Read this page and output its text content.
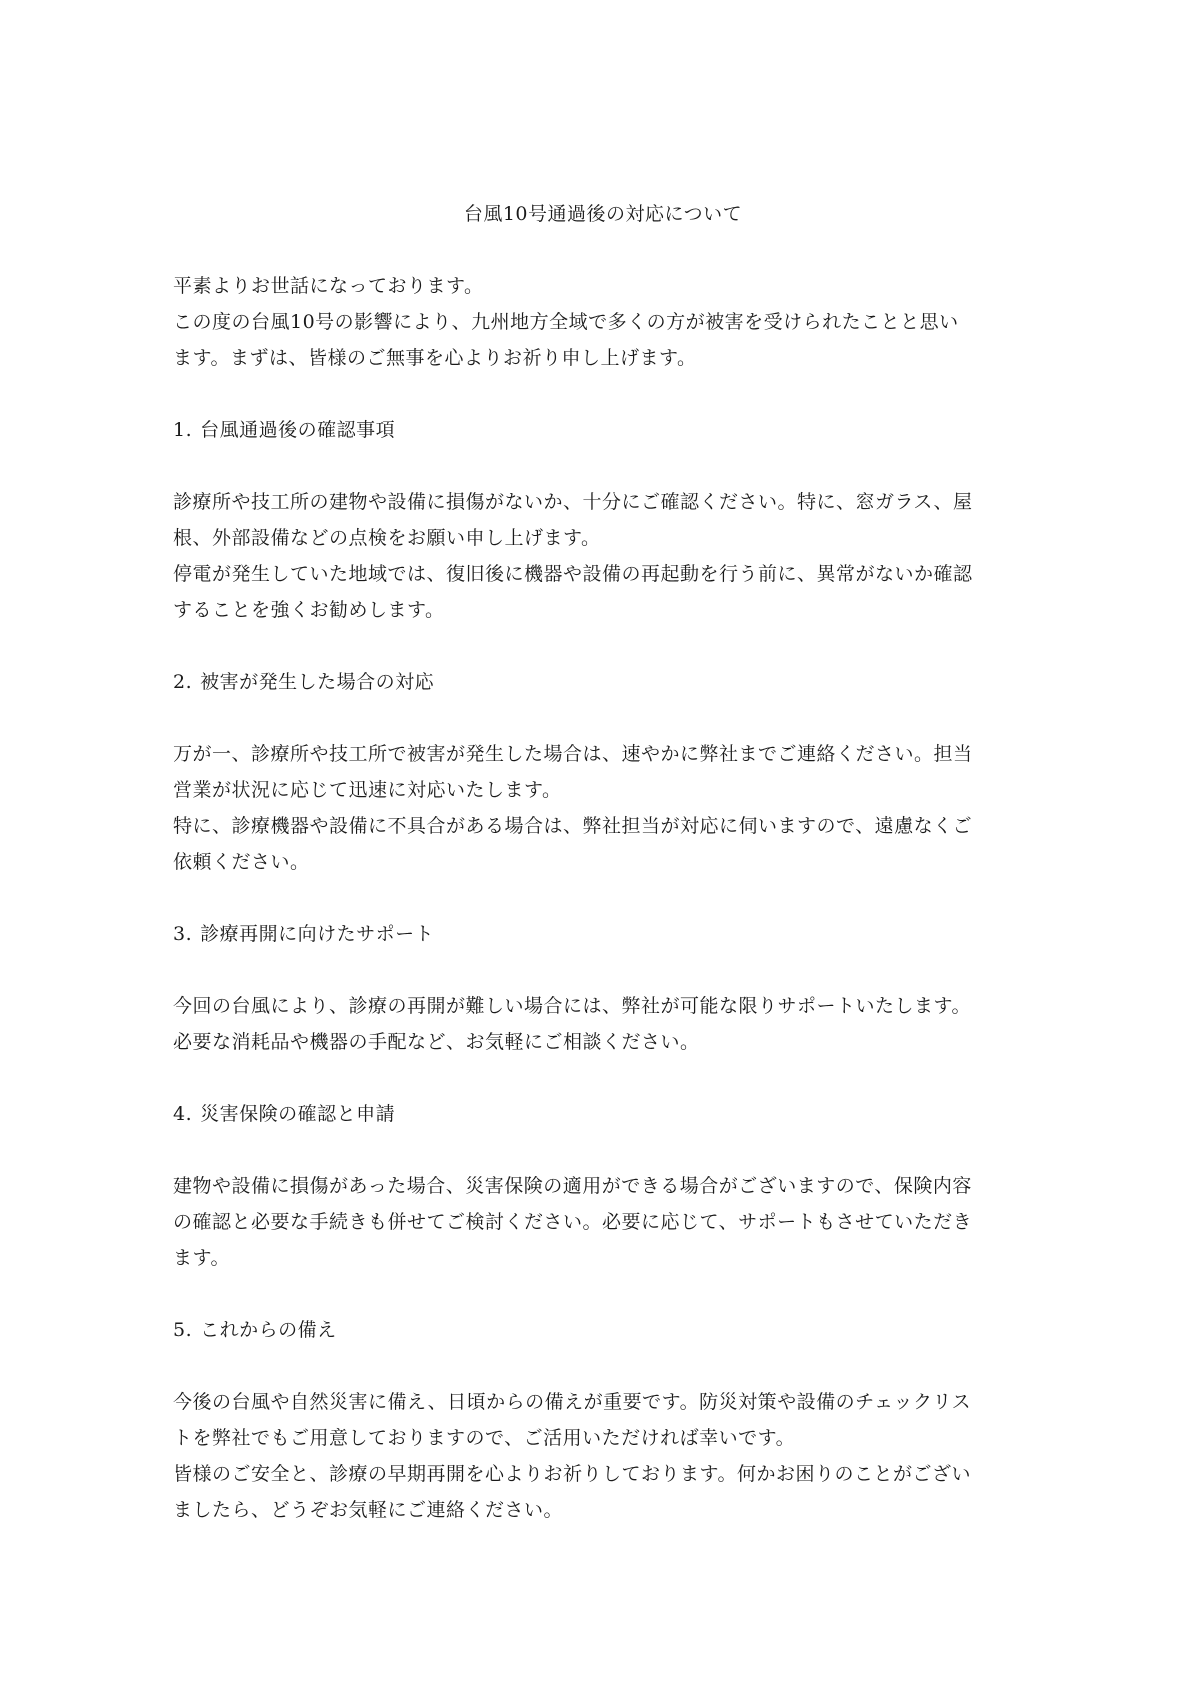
台風10号通過後の対応について

平素よりお世話になっております。
この度の台風10号の影響により、九州地方全域で多くの方が被害を受けられたことと思い
ます。まずは、皆様のご無事を心よりお祈り申し上げます。

1. 台風通過後の確認事項

診療所や技工所の建物や設備に損傷がないか、十分にご確認ください。特に、窓ガラス、屋
根、外部設備などの点検をお願い申し上げます。
停電が発生していた地域では、復旧後に機器や設備の再起動を行う前に、異常がないか確認
することを強くお勧めします。

2. 被害が発生した場合の対応

万が一、診療所や技工所で被害が発生した場合は、速やかに弊社までご連絡ください。担当
営業が状況に応じて迅速に対応いたします。
特に、診療機器や設備に不具合がある場合は、弊社担当が対応に伺いますので、遠慮なくご
依頼ください。

3. 診療再開に向けたサポート

今回の台風により、診療の再開が難しい場合には、弊社が可能な限りサポートいたします。
必要な消耗品や機器の手配など、お気軽にご相談ください。

4. 災害保険の確認と申請

建物や設備に損傷があった場合、災害保険の適用ができる場合がございますので、保険内容
の確認と必要な手続きも併せてご検討ください。必要に応じて、サポートもさせていただき
ます。

5. これからの備え

今後の台風や自然災害に備え、日頃からの備えが重要です。防災対策や設備のチェックリス
トを弊社でもご用意しておりますので、ご活用いただければ幸いです。
皆様のご安全と、診療の早期再開を心よりお祈りしております。何かお困りのことがござい
ましたら、どうぞお気軽にご連絡ください。
